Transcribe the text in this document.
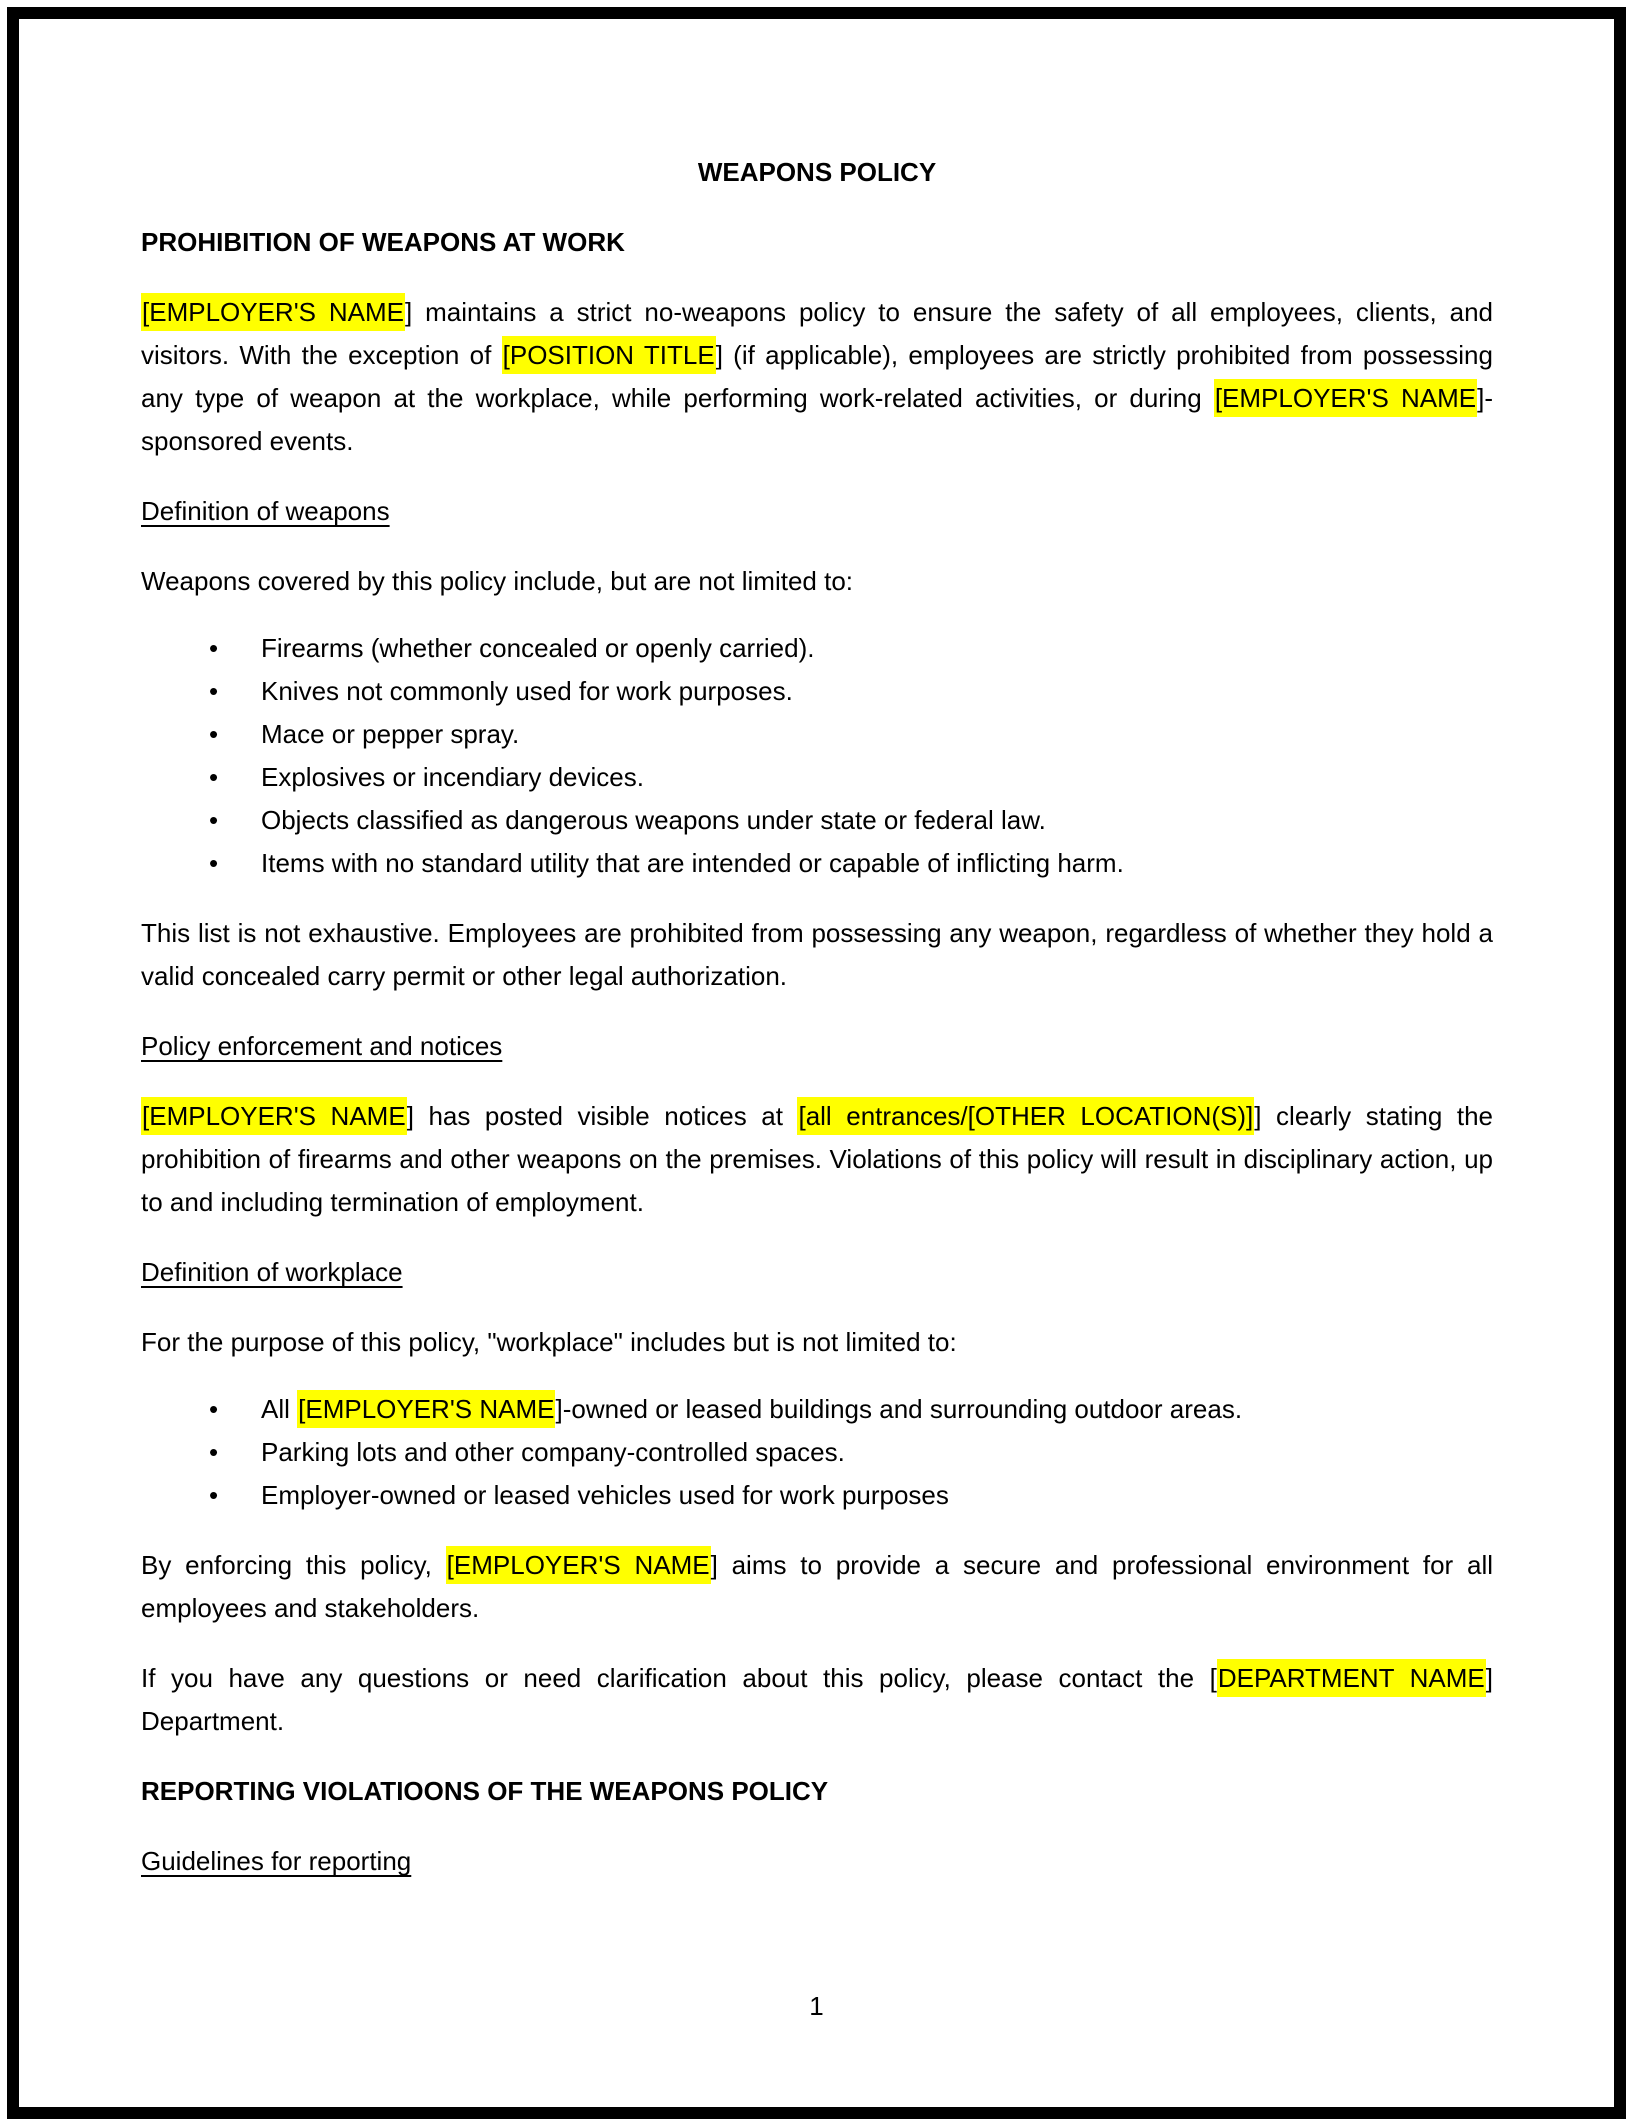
WEAPONS POLICY
PROHIBITION OF WEAPONS AT WORK

[EMPLOYER'S NAME] maintains a strict no-weapons policy to ensure the safety of all employees, clients, and visitors. With the exception of [POSITION TITLE] (if applicable), employees are strictly prohibited from possessing any type of weapon at the workplace, while performing work-related activities, or during [EMPLOYER'S NAME]-sponsored events.

Definition of weapons

Weapons covered by this policy include, but are not limited to:

• Firearms (whether concealed or openly carried).
• Knives not commonly used for work purposes.
• Mace or pepper spray.
• Explosives or incendiary devices.
• Objects classified as dangerous weapons under state or federal law.
• Items with no standard utility that are intended or capable of inflicting harm.

This list is not exhaustive. Employees are prohibited from possessing any weapon, regardless of whether they hold a valid concealed carry permit or other legal authorization.

Policy enforcement and notices

[EMPLOYER'S NAME] has posted visible notices at [all entrances/[OTHER LOCATION(S)]] clearly stating the prohibition of firearms and other weapons on the premises. Violations of this policy will result in disciplinary action, up to and including termination of employment.

Definition of workplace

For the purpose of this policy, "workplace" includes but is not limited to:

• All [EMPLOYER'S NAME]-owned or leased buildings and surrounding outdoor areas.
• Parking lots and other company-controlled spaces.
• Employer-owned or leased vehicles used for work purposes

By enforcing this policy, [EMPLOYER'S NAME] aims to provide a secure and professional environment for all employees and stakeholders.

If you have any questions or need clarification about this policy, please contact the [DEPARTMENT NAME] Department.

REPORTING VIOLATIOONS OF THE WEAPONS POLICY
Guidelines for reporting
1
